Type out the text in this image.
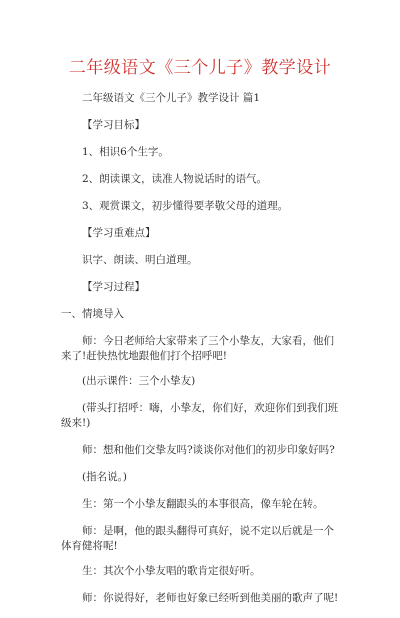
二年级语文《三个儿子》教学设计
二年级语文《三个儿子》教学设计 篇1
【学习目标】
1、相识6个生字。
2、朗读课文，读准人物说话时的语气。
3、观赏课文，初步懂得要孝敬父母的道理。
【学习重难点】
识字、朗读、明白道理。
【学习过程】
一、情境导入
师：今日老师给大家带来了三个小挚友，大家看，他们来了!赶快热忱地跟他们打个招呼吧!
(出示课件：三个小挚友)
(带头打招呼：嗨，小挚友，你们好，欢迎你们到我们班级来!)
师：想和他们交挚友吗?谈谈你对他们的初步印象好吗?
(指名说。)
生：第一个小挚友翻跟头的本事很高，像车轮在转。
师：是啊，他的跟头翻得可真好，说不定以后就是一个体育健将呢!
生：其次个小挚友唱的歌肯定很好听。
师：你说得好，老师也好象已经听到他美丽的歌声了呢!
